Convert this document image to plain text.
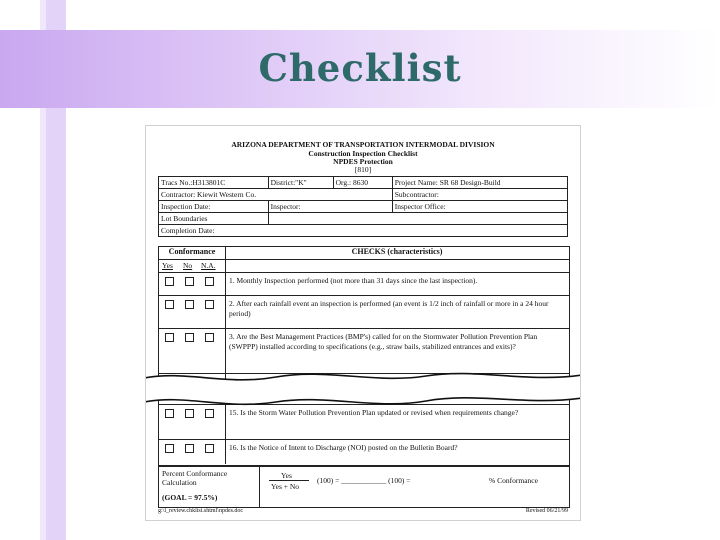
Checklist
ARIZONA DEPARTMENT OF TRANSPORTATION INTERMODAL DIVISION
Construction Inspection Checklist
NPDES Protection
[810]
Tracs No.:H313801C	District:"K"	Org.: 8630	Project Name: SR 68 Design-Build
Contractor: Kiewit Western Co.			Subcontractor:
Inspection Date:	Inspector:		Inspector Office:
Lot Boundaries			
Completion Date:			
Conformance	CHECKS (characteristics)
Yes No N.A.
1. Monthly Inspection performed (not more than 31 days since the last inspection).
2. After each rainfall event an inspection is performed (an event is 1/2 inch of rainfall or more in a 24 hour period)
3. Are the Best Management Practices (BMP's) called for on the Stormwater Pollution Prevention Plan (SWPPP) installed according to specifications (e.g., straw bails, stabilized entrances and exits)?
15. Is the Storm Water Pollution Prevention Plan updated or revised when requirements change?
16. Is the Notice of Intent to Discharge (NOI) posted on the Bulletin Board?
Percent Conformance Calculation
(GOAL = 97.5%)
Yes
Yes + No
(100) = ____________ (100) =	% Conformance
g:\l_review.chklist.shtml\npdes.doc	Revised 06/21/99
